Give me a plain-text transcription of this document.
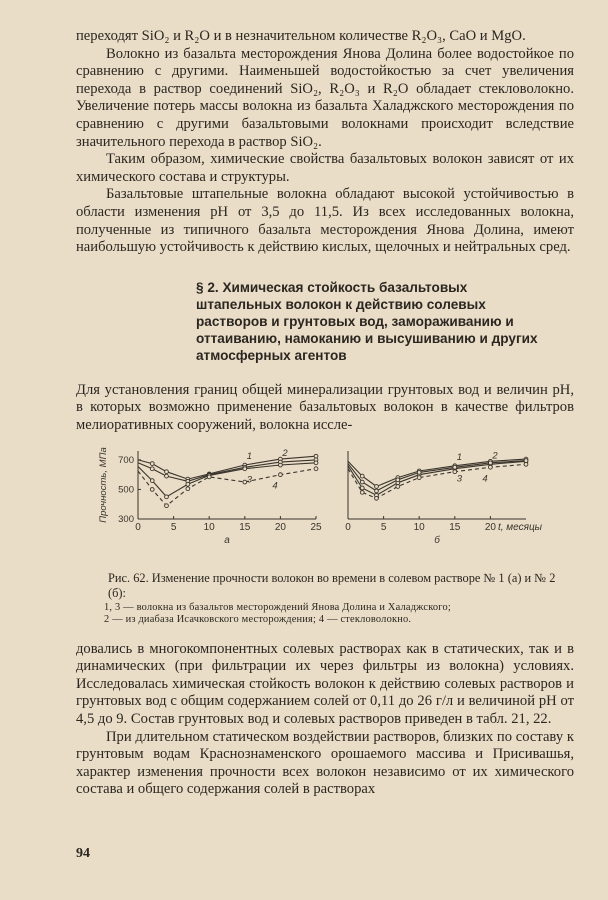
переходят SiO₂ и R₂O и в незначительном количестве R₂O₃, CaO и MgO.

Волокно из базальта месторождения Янова Долина более водостойкое по сравнению с другими. Наименьшей водостойкостью за счет увеличения перехода в раствор соединений SiO₂, R₂O₃ и R₂O обладает стекловолокно. Увеличение потерь массы волокна из базальта Халаджского месторождения по сравнению с другими базальтовыми волокнами происходит вследствие значительного перехода в раствор SiO₂.

Таким образом, химические свойства базальтовых волокон зависят от их химического состава и структуры.

Базальтовые штапельные волокна обладают высокой устойчивостью в области изменения pH от 3,5 до 11,5. Из всех исследованных волокна, полученные из типичного базальта месторождения Янова Долина, имеют наибольшую устойчивость к действию кислых, щелочных и нейтральных сред.

§ 2. Химическая стойкость базальтовых штапельных волокон к действию солевых растворов и грунтовых вод, замораживанию и оттаиванию, намоканию и высушиванию и других атмосферных агентов

Для установления границ общей минерализации грунтовых вод и величин pH, в которых возможно применение базальтовых волокон в качестве фильтров мелиоративных сооружений, волокна иссле-

0	5	10 15 20 25
300
500
700
Прочность, МПа	1	2
3
4
а
0	5	10 15 20 t, месяцы
1	2
3 4
б
Рис. 62. Изменение прочности волокон во времени в солевом растворе № 1 (а) и № 2 (б):
1, 3 — волокна из базальтов месторождений Янова Долина и Халаджского;
2 — из диабаза Исачковского месторождения; 4 — стекловолокно.

довались в многокомпонентных солевых растворах как в статических, так и в динамических (при фильтрации их через фильтры из волокна) условиях. Исследовалась химическая стойкость волокон к действию солевых растворов и грунтовых вод с общим содержанием солей от 0,11 до 26 г/л и величиной pH от 4,5 до 9. Состав грунтовых вод и солевых растворов приведен в табл. 21, 22.

При длительном статическом воздействии растворов, близких по составу к грунтовым водам Краснознаменского орошаемого массива и Присивашья, характер изменения прочности всех волокон независимо от их химического состава и общего содержания солей в растворах

94
